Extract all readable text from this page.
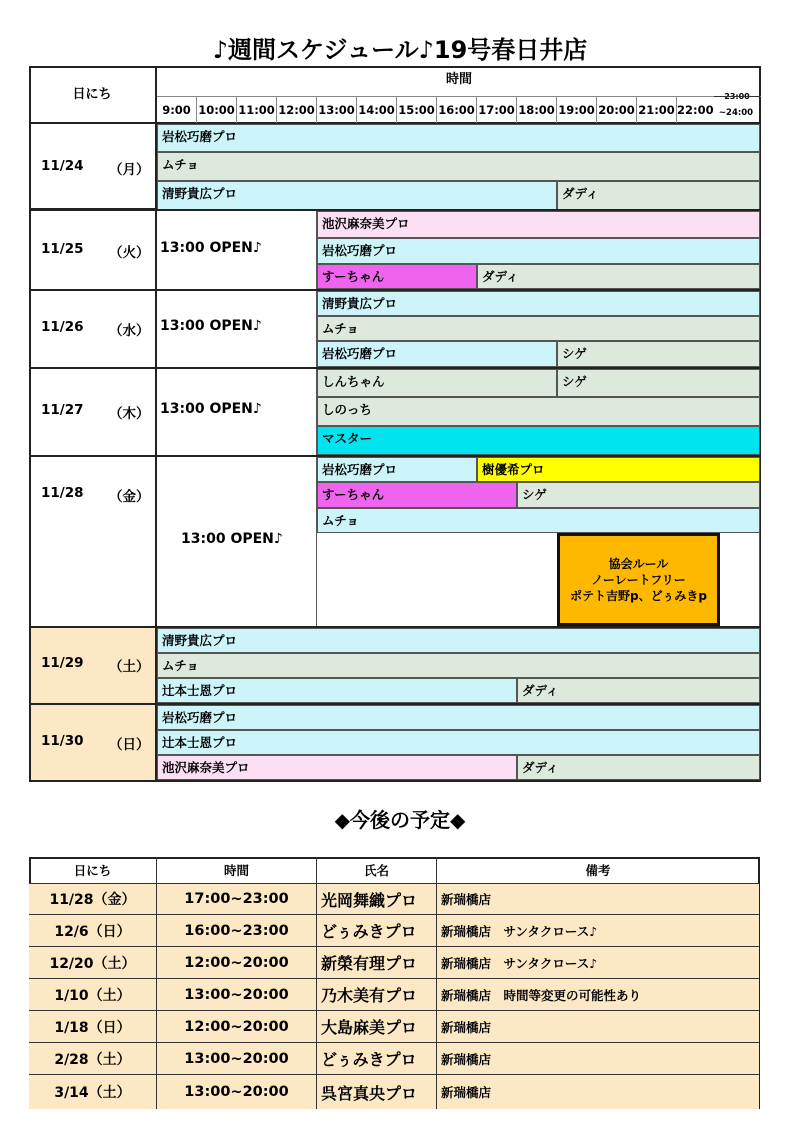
♪週間スケジュール♪19号春日井店
日にち
時間
9:00 10:00 11:00 12:00 13:00 14:00 15:00 16:00 17:00 18:00 19:00 20:00 21:00 22:00 ~24:00
11/24 （月）
岩松巧磨プロ
ムチョ
清野貴広プロ	ダディ
11/25 （火） 13:00 OPEN♪
池沢麻奈美プロ
岩松巧磨プロ
すーちゃん	ダディ
11/26 （水） 13:00 OPEN♪
清野貴広プロ
ムチョ
岩松巧磨プロ	シゲ
11/27 （木） 13:00 OPEN♪
しんちゃん	シゲ
しのっち
マスター
11/28 （金）
13:00 OPEN♪
岩松巧磨プロ	樹優希プロ
すーちゃん	シゲ
ムチョ
協会ルール
ノーレートフリー
ポテト吉野p、どぅみきp
11/29 （土）
清野貴広プロ
ムチョ
辻本士恩プロ	ダディ
11/30 （日）
岩松巧磨プロ
辻本士恩プロ
池沢麻奈美プロ	ダディ
◆今後の予定◆
日にち	時間	氏名	備考
11/28（金）	17:00~23:00	光岡舞織プロ	新瑞橋店
12/6（日）	16:00~23:00	どぅみきプロ	新瑞橋店　サンタクロース♪
12/20（土）	12:00~20:00	新榮有理プロ	新瑞橋店　サンタクロース♪
1/10（土）	13:00~20:00	乃木美有プロ	新瑞橋店　時間等変更の可能性あり
1/18（日）	12:00~20:00	大島麻美プロ	新瑞橋店
2/28（土）	13:00~20:00	どぅみきプロ	新瑞橋店
3/14（土）	13:00~20:00	呉宮真央プロ	新瑞橋店
